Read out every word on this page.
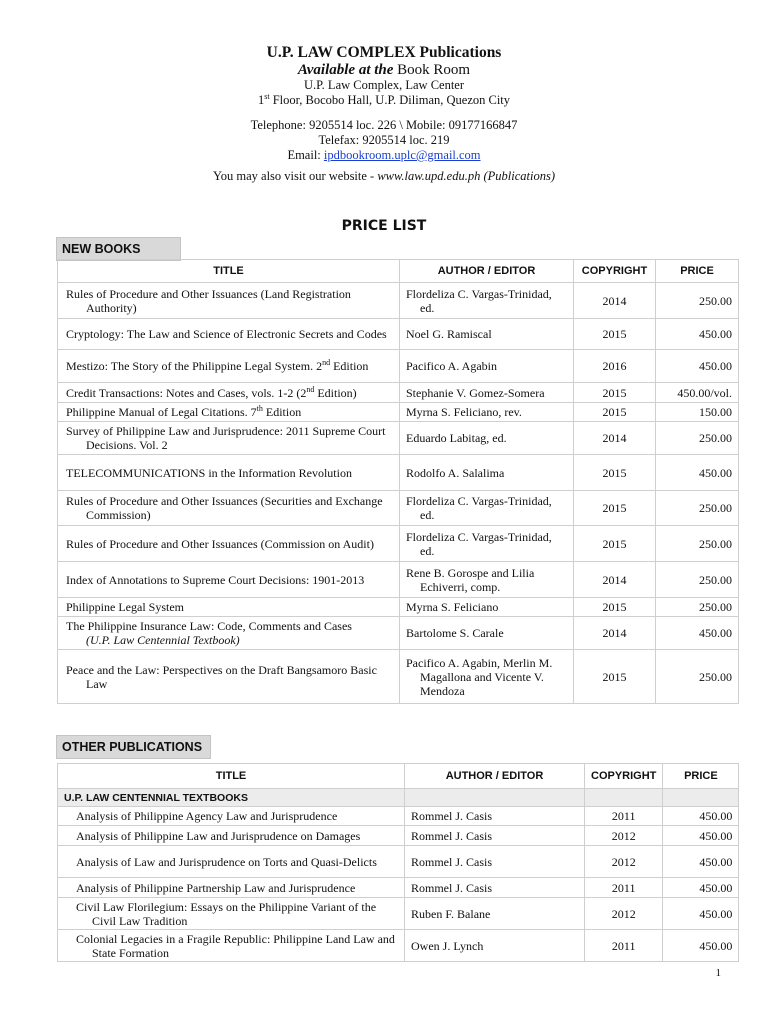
U.P. LAW COMPLEX Publications
Available at the Book Room
U.P. Law Complex, Law Center
1st Floor, Bocobo Hall, U.P. Diliman, Quezon City
Telephone: 9205514 loc. 226 \ Mobile: 09177166847
Telefax: 9205514 loc. 219
Email: ipdbookroom.uplc@gmail.com
You may also visit our website - www.law.upd.edu.ph (Publications)
PRICE LIST
NEW BOOKS
TITLE	AUTHOR / EDITOR	COPYRIGHT	PRICE

Rules of Procedure and Other Issuances (Land Registration Authority)	Flordeliza C. Vargas-Trinidad, ed.	2014	250.00

Cryptology: The Law and Science of Electronic Secrets and Codes	Noel G. Ramiscal	2015	450.00

Mestizo: The Story of the Philippine Legal System. 2nd Edition	Pacifico A. Agabin	2016	450.00

Credit Transactions: Notes and Cases, vols. 1-2 (2nd Edition)	Stephanie V. Gomez-Somera	2015	450.00/vol.

Philippine Manual of Legal Citations. 7th Edition	Myrna S. Feliciano, rev.	2015	150.00

Survey of Philippine Law and Jurisprudence: 2011 Supreme Court Decisions. Vol. 2	Eduardo Labitag, ed.	2014	250.00

TELECOMMUNICATIONS in the Information Revolution	Rodolfo A. Salalima	2015	450.00

Rules of Procedure and Other Issuances (Securities and Exchange Commission)	Flordeliza C. Vargas-Trinidad, ed.	2015	250.00

Rules of Procedure and Other Issuances (Commission on Audit)	Flordeliza C. Vargas-Trinidad, ed.	2015	250.00

Index of Annotations to Supreme Court Decisions: 1901-2013	Rene B. Gorospe and Lilia Echiverri, comp.	2014	250.00

Philippine Legal System	Myrna S. Feliciano	2015	250.00

The Philippine Insurance Law: Code, Comments and Cases
(U.P. Law Centennial Textbook)	Bartolome S. Carale	2014	450.00

Peace and the Law: Perspectives on the Draft Bangsamoro Basic Law	Pacifico A. Agabin, Merlin M. Magallona and Vicente V. Mendoza	2015	250.00
OTHER PUBLICATIONS
TITLE	AUTHOR / EDITOR	COPYRIGHT	PRICE
U.P. LAW CENTENNIAL TEXTBOOKS			

Analysis of Philippine Agency Law and Jurisprudence	Rommel J. Casis	2011	450.00

Analysis of Philippine Law and Jurisprudence on Damages	Rommel J. Casis	2012	450.00

Analysis of Law and Jurisprudence on Torts and Quasi-Delicts	Rommel J. Casis	2012	450.00

Analysis of Philippine Partnership Law and Jurisprudence	Rommel J. Casis	2011	450.00

Civil Law Florilegium: Essays on the Philippine Variant of the Civil Law Tradition	Ruben F. Balane	2012	450.00

Colonial Legacies in a Fragile Republic: Philippine Land Law and State Formation	Owen J. Lynch	2011	450.00
1
